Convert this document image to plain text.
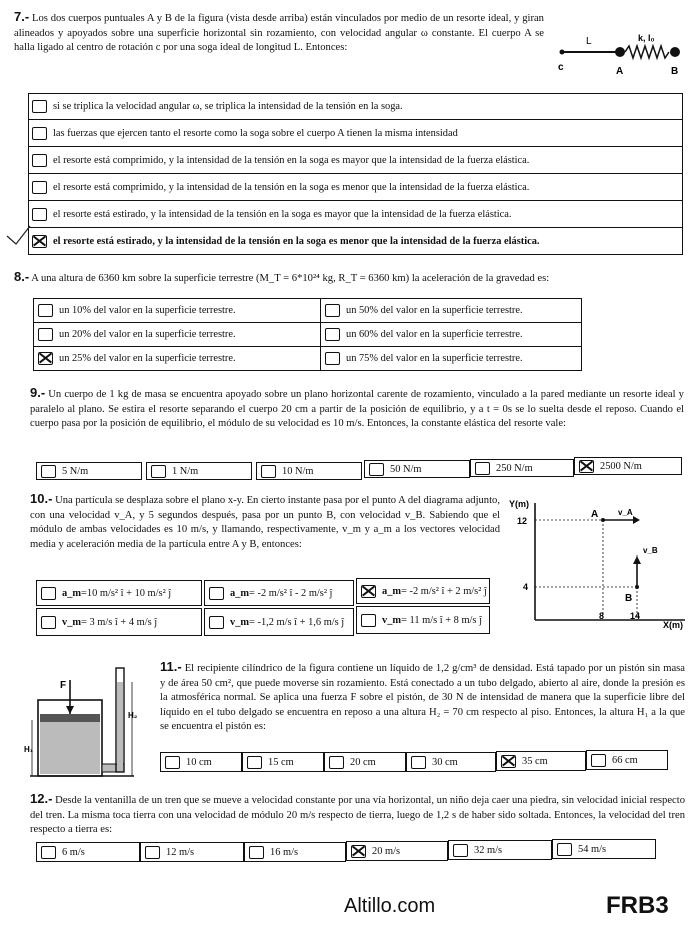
7.- Los dos cuerpos puntuales A y B de la figura (vista desde arriba) están vinculados por medio de un resorte ideal, y giran alineados y apoyados sobre una superficie horizontal sin rozamiento, con velocidad angular ω constante. El cuerpo A se halla ligado al centro de rotación c por una soga ideal de longitud L. Entonces:
L	k, l₀
c	A	B
si se triplica la velocidad angular ω, se triplica la intensidad de la tensión en la soga.
las fuerzas que ejercen tanto el resorte como la soga sobre el cuerpo A tienen la misma intensidad
el resorte está comprimido, y la intensidad de la tensión en la soga es mayor que la intensidad de la fuerza elástica.
el resorte está comprimido, y la intensidad de la tensión en la soga es menor que la intensidad de la fuerza elástica.
el resorte está estirado, y la intensidad de la tensión en la soga es mayor que la intensidad de la fuerza elástica.
el resorte está estirado, y la intensidad de la tensión en la soga es menor que la intensidad de la fuerza elástica.
8.- A una altura de 6360 km sobre la superficie terrestre (M_T = 6*10²⁴ kg, R_T = 6360 km) la aceleración de la gravedad es:
un 10% del valor en la superficie terrestre.	un 50% del valor en la superficie terrestre.
un 20% del valor en la superficie terrestre.	un 60% del valor en la superficie terrestre.
un 25% del valor en la superficie terrestre.	un 75% del valor en la superficie terrestre.
9.- Un cuerpo de 1 kg de masa se encuentra apoyado sobre un plano horizontal carente de rozamiento, vinculado a la pared mediante un resorte ideal y paralelo al plano. Se estira el resorte separando el cuerpo 20 cm a partir de la posición de equilibrio, y a t = 0s se lo suelta desde el reposo. Cuando el cuerpo pasa por la posición de equilibrio, el módulo de su velocidad es 10 m/s. Entonces, la constante elástica del resorte vale:
5 N/m	1 N/m	10 N/m	50 N/m	250 N/m	2500 N/m
10.- Una partícula se desplaza sobre el plano x-y. En cierto instante pasa por el punto A del diagrama adjunto, con una velocidad v_A, y 5 segundos después, pasa por un punto B, con velocidad v_B. Sabiendo que el módulo de ambas velocidades es 10 m/s, y llamando, respectivamente, v_m y a_m a los vectores velocidad media y aceleración media de la partícula entre A y B, entonces:
Y(m)
X(m)
12
4
8	14
A
B
v_A
v_B
a_m =10 m/s² î + 10 m/s² ĵ	a_m = -2 m/s² î - 2 m/s² ĵ	a_m = -2 m/s² î + 2 m/s² ĵ
v_m = 3 m/s î + 4 m/s ĵ	v_m = -1,2 m/s î + 1,6 m/s ĵ	v_m = 11 m/s î + 8 m/s ĵ
F
H₁
H₂
11.- El recipiente cilíndrico de la figura contiene un líquido de 1,2 g/cm³ de densidad. Está tapado por un pistón sin masa y de área 50 cm², que puede moverse sin rozamiento. Está conectado a un tubo delgado, abierto al aire, donde la presión es la atmosférica normal. Se aplica una fuerza F sobre el pistón, de 30 N de intensidad de manera que la superficie libre del líquido en el tubo delgado se encuentra en reposo a una altura H₂ = 70 cm respecto al piso. Entonces, la altura H₁ a la que se encuentra el pistón es:
10 cm	15 cm	20 cm	30 cm	35 cm	66 cm
12.- Desde la ventanilla de un tren que se mueve a velocidad constante por una vía horizontal, un niño deja caer una piedra, sin velocidad inicial respecto del tren. La misma toca tierra con una velocidad de módulo 20 m/s respecto de tierra, luego de 1,2 s de haber sido soltada. Entonces, la velocidad del tren respecto a tierra es:
6 m/s	12 m/s	16 m/s	20 m/s	32 m/s	54 m/s
Altillo.com	FRB3
